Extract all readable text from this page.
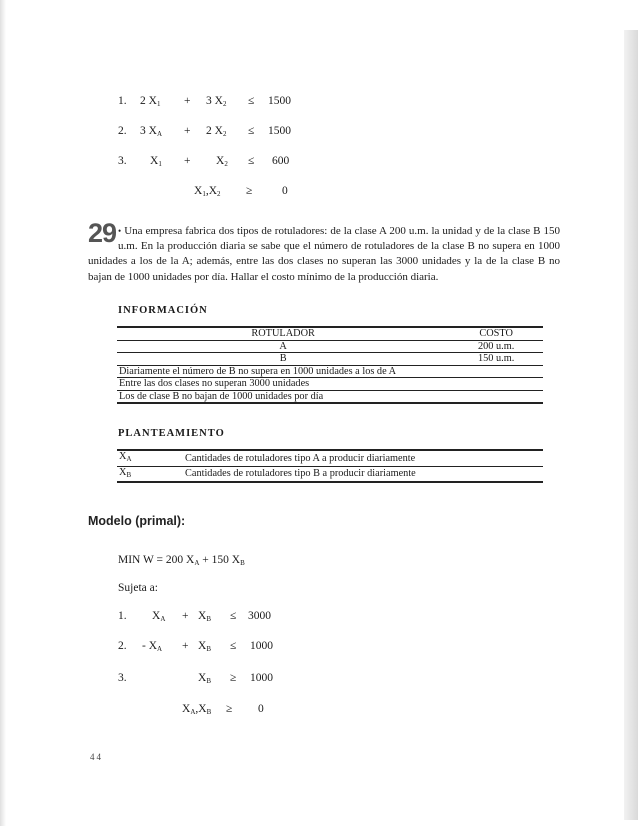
1. 2 $X_1 + 3$ $X_2 \le 1500$
2. 3 $X_A + 2$ $X_2 \le 1500$
3. $X_1 + X_2 \le 600$
$X_1,X_2$ ≥	0
29 • Una empresa fabrica dos tipos de rotuladores: de la clase A 200 u.m. la unidad y de la clase B 150 u.m. En la producción diaria se sabe que el número de rotuladores de la clase B no supera en 1000 unidades a los de la A; además, entre las dos clases no superan las 3000 unidades y la de la clase B no bajan de 1000 unidades por día. Hallar el costo mínimo de la producción diaria.
INFORMACIÓN
ROTULADOR	COSTO
A	200 u.m.
B	150 u.m.
Diariamente el número de B no supera en 1000 unidades a los de A	
Entre las dos clases no superan 3000 unidades	
Los de clase B no bajan de 1000 unidades por día	
PLANTEAMIENTO
$X_A$	Cantidades de rotuladores tipo A a producir diariamente
$X_B$	Cantidades de rotuladores tipo B a producir diariamente
Modelo (primal):
MIN W = 200 $X_A + 150$ $X_B$
Sujeta a:
1. $X_A + X_B \le 3000$
2. - $X_A + X_B \le 1000$
3.	$X_B \ge 1000$
$X_A,X_B \ge 0$
44
